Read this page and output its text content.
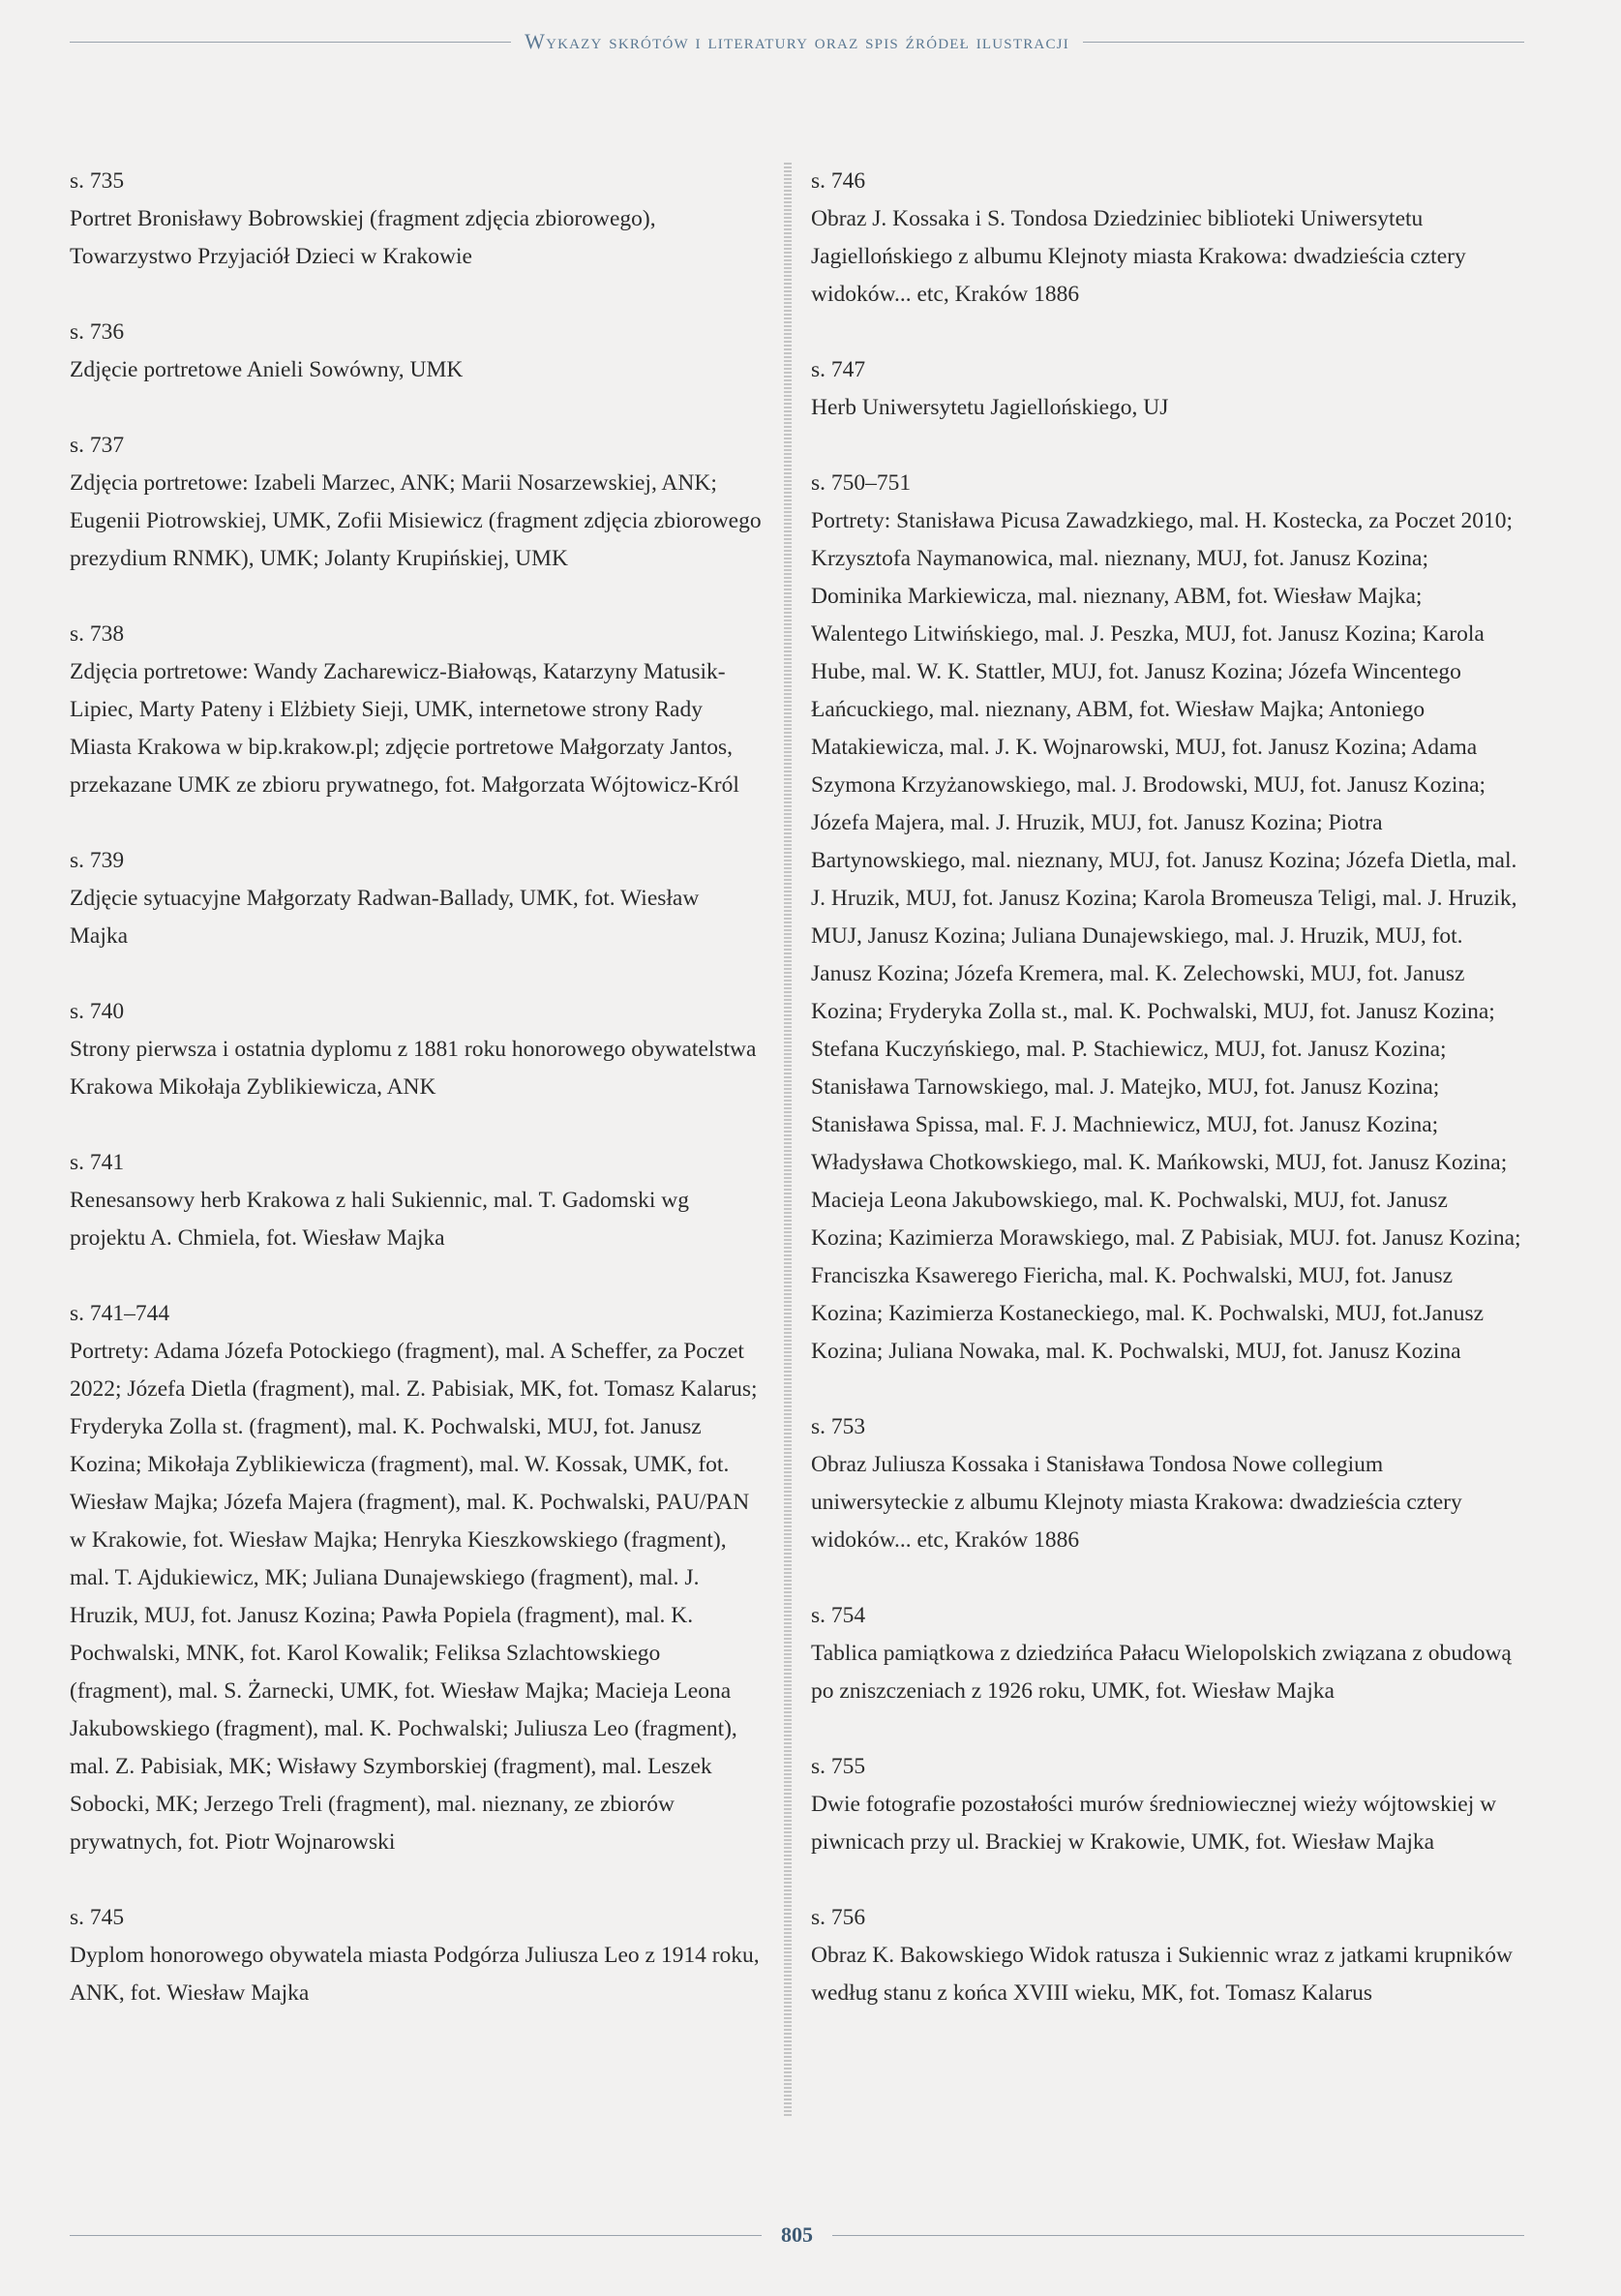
Wykazy skrótów i literatury oraz spis źródeł ilustracji
s. 735
Portret Bronisławy Bobrowskiej (fragment zdjęcia zbiorowego), Towarzystwo Przyjaciół Dzieci w Krakowie
s. 736
Zdjęcie portretowe Anieli Sowówny, UMK
s. 737
Zdjęcia portretowe: Izabeli Marzec, ANK; Marii Nosarzewskiej, ANK; Eugenii Piotrowskiej, UMK, Zofii Misiewicz (fragment zdjęcia zbiorowego prezydium RNMK), UMK; Jolanty Krupińskiej, UMK
s. 738
Zdjęcia portretowe: Wandy Zacharewicz-Białowąs, Katarzyny Matusik-Lipiec, Marty Pateny i Elżbiety Sieji, UMK, internetowe strony Rady Miasta Krakowa w bip.krakow.pl; zdjęcie portretowe Małgorzaty Jantos, przekazane UMK ze zbioru prywatnego, fot. Małgorzata Wójtowicz-Król
s. 739
Zdjęcie sytuacyjne Małgorzaty Radwan-Ballady, UMK, fot. Wiesław Majka
s. 740
Strony pierwsza i ostatnia dyplomu z 1881 roku honorowego obywatelstwa Krakowa Mikołaja Zyblikiewicza, ANK
s. 741
Renesansowy herb Krakowa z hali Sukiennic, mal. T. Gadomski wg projektu A. Chmiela, fot. Wiesław Majka
s. 741–744
Portrety: Adama Józefa Potockiego (fragment), mal. A Scheffer, za Poczet 2022; Józefa Dietla (fragment), mal. Z. Pabisiak, MK, fot. Tomasz Kalarus; Fryderyka Zolla st. (fragment), mal. K. Pochwalski, MUJ, fot. Janusz Kozina; Mikołaja Zyblikiewicza (fragment), mal. W. Kossak, UMK, fot. Wiesław Majka; Józefa Majera (fragment), mal. K. Pochwalski, PAU/PAN w Krakowie, fot. Wiesław Majka; Henryka Kieszkowskiego (fragment), mal. T. Ajdukiewicz, MK; Juliana Dunajewskiego (fragment), mal. J. Hruzik, MUJ, fot. Janusz Kozina; Pawła Popiela (fragment), mal. K. Pochwalski, MNK, fot. Karol Kowalik; Feliksa Szlachtowskiego (fragment), mal. S. Żarnecki, UMK, fot. Wiesław Majka; Macieja Leona Jakubowskiego (fragment), mal. K. Pochwalski; Juliusza Leo (fragment), mal. Z. Pabisiak, MK; Wisławy Szymborskiej (fragment), mal. Leszek Sobocki, MK; Jerzego Treli (fragment), mal. nieznany, ze zbiorów prywatnych, fot. Piotr Wojnarowski
s. 745
Dyplom honorowego obywatela miasta Podgórza Juliusza Leo z 1914 roku, ANK, fot. Wiesław Majka
s. 746
Obraz J. Kossaka i S. Tondosa Dziedziniec biblioteki Uniwersytetu Jagiellońskiego z albumu Klejnoty miasta Krakowa: dwadzieścia cztery widoków... etc, Kraków 1886
s. 747
Herb Uniwersytetu Jagiellońskiego, UJ
s. 750–751
Portrety: Stanisława Picusa Zawadzkiego, mal. H. Kostecka, za Poczet 2010; Krzysztofa Naymanowica, mal. nieznany, MUJ, fot. Janusz Kozina; Dominika Markiewicza, mal. nieznany, ABM, fot. Wiesław Majka; Walentego Litwińskiego, mal. J. Peszka, MUJ, fot. Janusz Kozina; Karola Hube, mal. W. K. Stattler, MUJ, fot. Janusz Kozina; Józefa Wincentego Łańcuckiego, mal. nieznany, ABM, fot. Wiesław Majka; Antoniego Matakiewicza, mal. J. K. Wojnarowski, MUJ, fot. Janusz Kozina; Adama Szymona Krzyżanowskiego, mal. J. Brodowski, MUJ, fot. Janusz Kozina; Józefa Majera, mal. J. Hruzik, MUJ, fot. Janusz Kozina; Piotra Bartynowskiego, mal. nieznany, MUJ, fot. Janusz Kozina; Józefa Dietla, mal. J. Hruzik, MUJ, fot. Janusz Kozina; Karola Bromeusza Teligi, mal. J. Hruzik, MUJ, Janusz Kozina; Juliana Dunajewskiego, mal. J. Hruzik, MUJ, fot. Janusz Kozina; Józefa Kremera, mal. K. Zelechowski, MUJ, fot. Janusz Kozina; Fryderyka Zolla st., mal. K. Pochwalski, MUJ, fot. Janusz Kozina; Stefana Kuczyńskiego, mal. P. Stachiewicz, MUJ, fot. Janusz Kozina; Stanisława Tarnowskiego, mal. J. Matejko, MUJ, fot. Janusz Kozina; Stanisława Spissa, mal. F. J. Machniewicz, MUJ, fot. Janusz Kozina; Władysława Chotkowskiego, mal. K. Mańkowski, MUJ, fot. Janusz Kozina; Macieja Leona Jakubowskiego, mal. K. Pochwalski, MUJ, fot. Janusz Kozina; Kazimierza Morawskiego, mal. Z Pabisiak, MUJ. fot. Janusz Kozina; Franciszka Ksawerego Fiericha, mal. K. Pochwalski, MUJ, fot. Janusz Kozina; Kazimierza Kostaneckiego, mal. K. Pochwalski, MUJ, fot.Janusz Kozina; Juliana Nowaka, mal. K. Pochwalski, MUJ, fot. Janusz Kozina
s. 753
Obraz Juliusza Kossaka i Stanisława Tondosa Nowe collegium uniwersyteckie z albumu Klejnoty miasta Krakowa: dwadzieścia cztery widoków... etc, Kraków 1886
s. 754
Tablica pamiątkowa z dziedzińca Pałacu Wielopolskich związana z obudową po zniszczeniach z 1926 roku, UMK, fot. Wiesław Majka
s. 755
Dwie fotografie pozostałości murów średniowiecznej wieży wójtowskiej w piwnicach przy ul. Brackiej w Krakowie, UMK, fot. Wiesław Majka
s. 756
Obraz K. Bakowskiego Widok ratusza i Sukiennic wraz z jatkami krupników według stanu z końca XVIII wieku, MK, fot. Tomasz Kalarus
805
